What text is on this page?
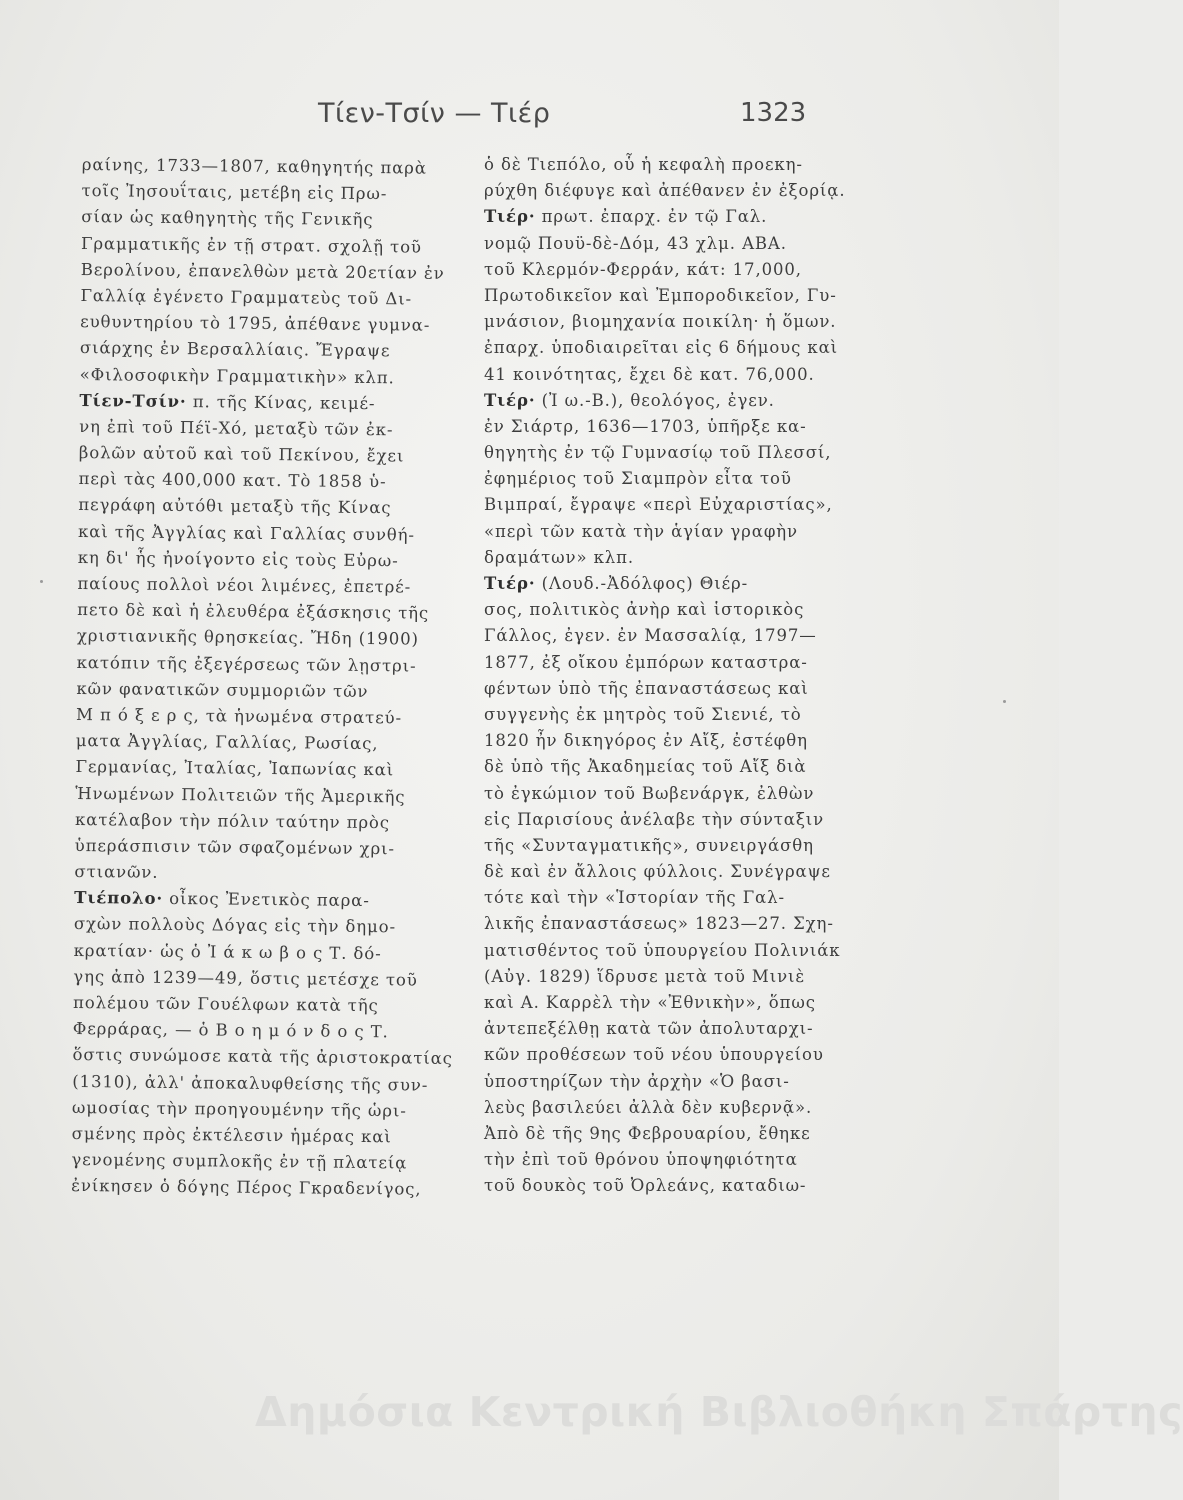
Τίεν-Τσίν — Τιέρ	1323
ραίνης, 1733—1807, καθηγητής παρὰ
τοῖς Ἰησουΐταις, μετέβη εἰς Πρω-
σίαν ὡς καθηγητὴς τῆς Γενικῆς
Γραμματικῆς ἐν τῇ στρατ. σχολῇ τοῦ
Βερολίνου, ἐπανελθὼν μετὰ 20ετίαν ἐν
Γαλλίᾳ ἐγένετο Γραμματεὺς τοῦ Δι-
ευθυντηρίου τὸ 1795, ἀπέθανε γυμνα-
σιάρχης ἐν Βερσαλλίαις. Ἔγραψε
«Φιλοσοφικὴν Γραμματικὴν» κλπ.
Τίεν-Τσίν· π. τῆς Κίνας, κειμέ-
νη ἐπὶ τοῦ Πέϊ-Χό, μεταξὺ τῶν ἐκ-
βολῶν αὐτοῦ καὶ τοῦ Πεκίνου, ἔχει
περὶ τὰς 400,000 κατ. Τὸ 1858 ὑ-
πεγράφη αὐτόθι μεταξὺ τῆς Κίνας
καὶ τῆς Ἀγγλίας καὶ Γαλλίας συνθή-
κη δι' ἧς ἠνοίγοντο εἰς τοὺς Εὐρω-
παίους πολλοὶ νέοι λιμένες, ἐπετρέ-
πετο δὲ καὶ ἡ ἐλευθέρα ἐξάσκησις τῆς
χριστιανικῆς θρησκείας. Ἤδη (1900)
κατόπιν τῆς ἐξεγέρσεως τῶν λῃστρι-
κῶν φανατικῶν συμμοριῶν τῶν
Μ π ό ξ ε ρ ς, τὰ ἡνωμένα στρατεύ-
ματα Ἀγγλίας, Γαλλίας, Ρωσίας,
Γερμανίας, Ἰταλίας, Ἰαπωνίας καὶ
Ἡνωμένων Πολιτειῶν τῆς Ἀμερικῆς
κατέλαβον τὴν πόλιν ταύτην πρὸς
ὑπεράσπισιν τῶν σφαζομένων χρι-
στιανῶν.
Τιέπολο· οἶκος Ἐνετικὸς παρα-
σχὼν πολλοὺς Δόγας εἰς τὴν δημο-
κρατίαν· ὡς ὁ Ἰ ά κ ω β ο ς Τ. δό-
γης ἀπὸ 1239—49, ὅστις μετέσχε τοῦ
πολέμου τῶν Γουέλφων κατὰ τῆς
Φερράρας, — ὁ Β ο η μ ό ν δ ο ς Τ.
ὅστις συνώμοσε κατὰ τῆς ἀριστοκρατίας
(1310), ἀλλ' ἀποκαλυφθείσης τῆς συν-
ωμοσίας τὴν προηγουμένην τῆς ὡρι-
σμένης πρὸς ἐκτέλεσιν ἡμέρας καὶ
γενομένης συμπλοκῆς ἐν τῇ πλατείᾳ
ἐνίκησεν ὁ δόγης Πέρος Γκραδενίγος,
ὁ δὲ Τιεπόλο, οὗ ἡ κεφαλὴ προεκη-
ρύχθη διέφυγε καὶ ἀπέθανεν ἐν ἐξορίᾳ.
Τιέρ· πρωτ. ἐπαρχ. ἐν τῷ Γαλ.
νομῷ Πουϋ-δὲ-Δόμ, 43 χλμ. ΑΒΑ.
τοῦ Κλερμόν-Φερράν, κάτ: 17,000,
Πρωτοδικεῖον καὶ Ἐμποροδικεῖον, Γυ-
μνάσιον, βιομηχανία ποικίλη· ἡ ὅμων.
ἐπαρχ. ὑποδιαιρεῖται εἰς 6 δήμους καὶ
41 κοινότητας, ἔχει δὲ κατ. 76,000.
Τιέρ· (Ἰ ω.-Β.), θεολόγος, ἐγεν.
ἐν Σιάρτρ, 1636—1703, ὑπῆρξε κα-
θηγητὴς ἐν τῷ Γυμνασίῳ τοῦ Πλεσσί,
ἐφημέριος τοῦ Σιαμπρὸν εἶτα τοῦ
Βιμπραί, ἔγραψε «περὶ Εὐχαριστίας»,
«περὶ τῶν κατὰ τὴν ἁγίαν γραφὴν
δραμάτων» κλπ.
Τιέρ· (Λουδ.-Ἀδόλφος) Θιέρ-
σος, πολιτικὸς ἀνὴρ καὶ ἱστορικὸς
Γάλλος, ἐγεν. ἐν Μασσαλίᾳ, 1797—
1877, ἐξ οἴκου ἐμπόρων καταστρα-
φέντων ὑπὸ τῆς ἐπαναστάσεως καὶ
συγγενὴς ἐκ μητρὸς τοῦ Σιενιέ, τὸ
1820 ἦν δικηγόρος ἐν Αἴξ, ἐστέφθη
δὲ ὑπὸ τῆς Ἀκαδημείας τοῦ Αἴξ διὰ
τὸ ἐγκώμιον τοῦ Βωβενάργκ, ἐλθὼν
εἰς Παρισίους ἀνέλαβε τὴν σύνταξιν
τῆς «Συνταγματικῆς», συνειργάσθη
δὲ καὶ ἐν ἄλλοις φύλλοις. Συνέγραψε
τότε καὶ τὴν «Ἱστορίαν τῆς Γαλ-
λικῆς ἐπαναστάσεως» 1823—27. Σχη-
ματισθέντος τοῦ ὑπουργείου Πολινιάκ
(Αὐγ. 1829) ἵδρυσε μετὰ τοῦ Μινιὲ
καὶ Α. Καρρὲλ τὴν «Ἐθνικὴν», ὅπως
ἀντεπεξέλθῃ κατὰ τῶν ἀπολυταρχι-
κῶν προθέσεων τοῦ νέου ὑπουργείου
ὑποστηρίζων τὴν ἀρχὴν «Ὁ βασι-
λεὺς βασιλεύει ἀλλὰ δὲν κυβερνᾷ».
Ἀπὸ δὲ τῆς 9ης Φεβρουαρίου, ἔθηκε
τὴν ἐπὶ τοῦ θρόνου ὑποψηφιότητα
τοῦ δουκὸς τοῦ Ὀρλεάνς, καταδιω-
Δημόσια Κεντρική Βιβλιοθήκη Σπάρτης
